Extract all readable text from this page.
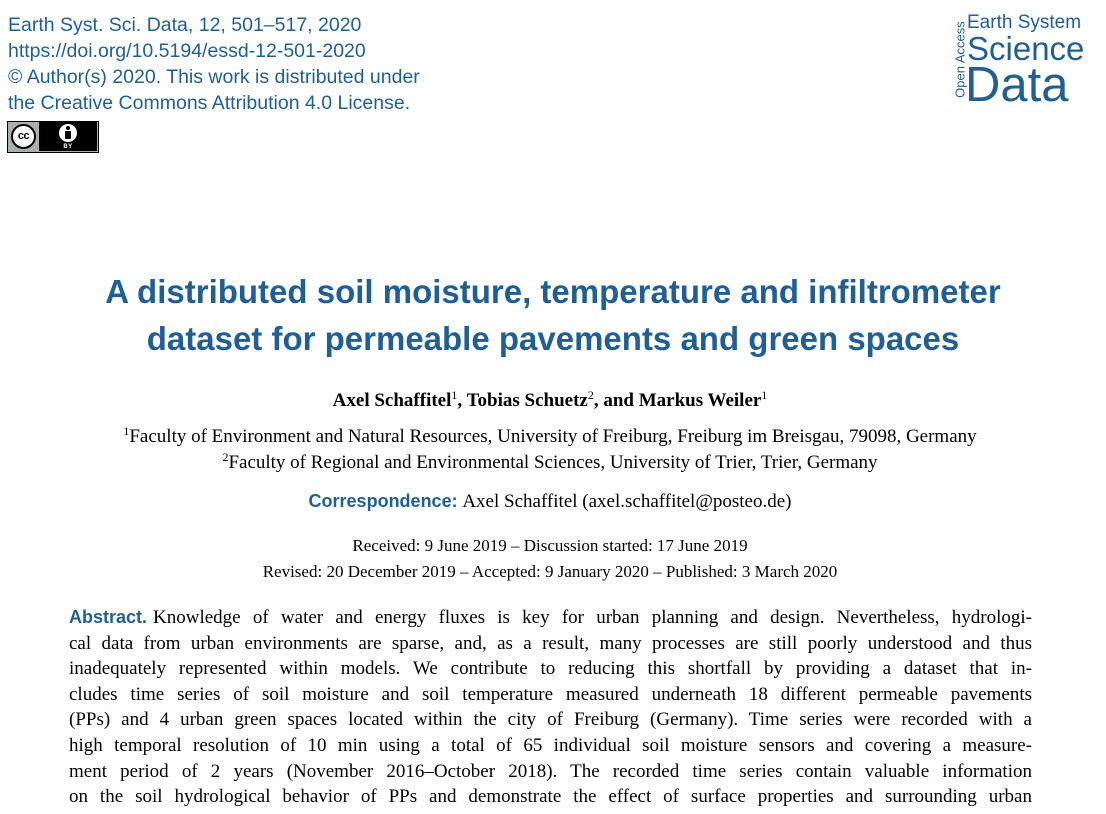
Earth Syst. Sci. Data, 12, 501–517, 2020
https://doi.org/10.5194/essd-12-501-2020
© Author(s) 2020. This work is distributed under
the Creative Commons Attribution 4.0 License.
cc
BY
Open Access Earth System
Science
Data
A distributed soil moisture, temperature and infiltrometer
dataset for permeable pavements and green spaces
Axel Schaffitel$^1$, Tobias Schuetz$^2$, and Markus Weiler$^1$
$^1$Faculty of Environment and Natural Resources, University of Freiburg, Freiburg im Breisgau, 79098, Germany
$^2$Faculty of Regional and Environmental Sciences, University of Trier, Trier, Germany
Correspondence: Axel Schaffitel (axel.schaffitel@posteo.de)
Received: 9 June 2019 – Discussion started: 17 June 2019
Revised: 20 December 2019 – Accepted: 9 January 2020 – Published: 3 March 2020
Abstract. Knowledge of water and energy fluxes is key for urban planning and design. Nevertheless, hydrologi-
cal data from urban environments are sparse, and, as a result, many processes are still poorly understood and thus
inadequately represented within models. We contribute to reducing this shortfall by providing a dataset that in-
cludes time series of soil moisture and soil temperature measured underneath 18 different permeable pavements
(PPs) and 4 urban green spaces located within the city of Freiburg (Germany). Time series were recorded with a
high temporal resolution of 10 min using a total of 65 individual soil moisture sensors and covering a measure-
ment period of 2 years (November 2016–October 2018). The recorded time series contain valuable information
on the soil hydrological behavior of PPs and demonstrate the effect of surface properties and surrounding urban
